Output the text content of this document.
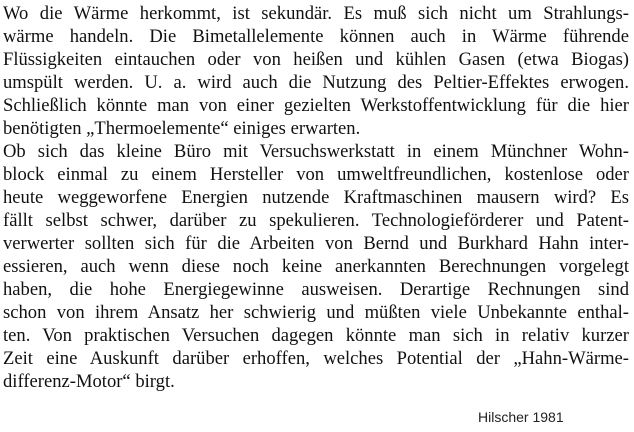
Wo die Wärme herkommt, ist sekundär. Es muß sich nicht um Strahlungs-
wärme handeln. Die Bimetallelemente können auch in Wärme führende
Flüssigkeiten eintauchen oder von heißen und kühlen Gasen (etwa Biogas)
umspült werden. U. a. wird auch die Nutzung des Peltier-Effektes erwogen.
Schließlich könnte man von einer gezielten Werkstoffentwicklung für die hier
benötigten „Thermoelemente“ einiges erwarten.
Ob sich das kleine Büro mit Versuchswerkstatt in einem Münchner Wohn-
block einmal zu einem Hersteller von umweltfreundlichen, kostenlose oder
heute weggeworfene Energien nutzende Kraftmaschinen mausern wird? Es
fällt selbst schwer, darüber zu spekulieren. Technologieförderer und Patent-
verwerter sollten sich für die Arbeiten von Bernd und Burkhard Hahn inter-
essieren, auch wenn diese noch keine anerkannten Berechnungen vorgelegt
haben, die hohe Energiegewinne ausweisen. Derartige Rechnungen sind
schon von ihrem Ansatz her schwierig und müßten viele Unbekannte enthal-
ten. Von praktischen Versuchen dagegen könnte man sich in relativ kurzer
Zeit eine Auskunft darüber erhoffen, welches Potential der „Hahn-Wärme-
differenz-Motor“ birgt.
Hilscher 1981
